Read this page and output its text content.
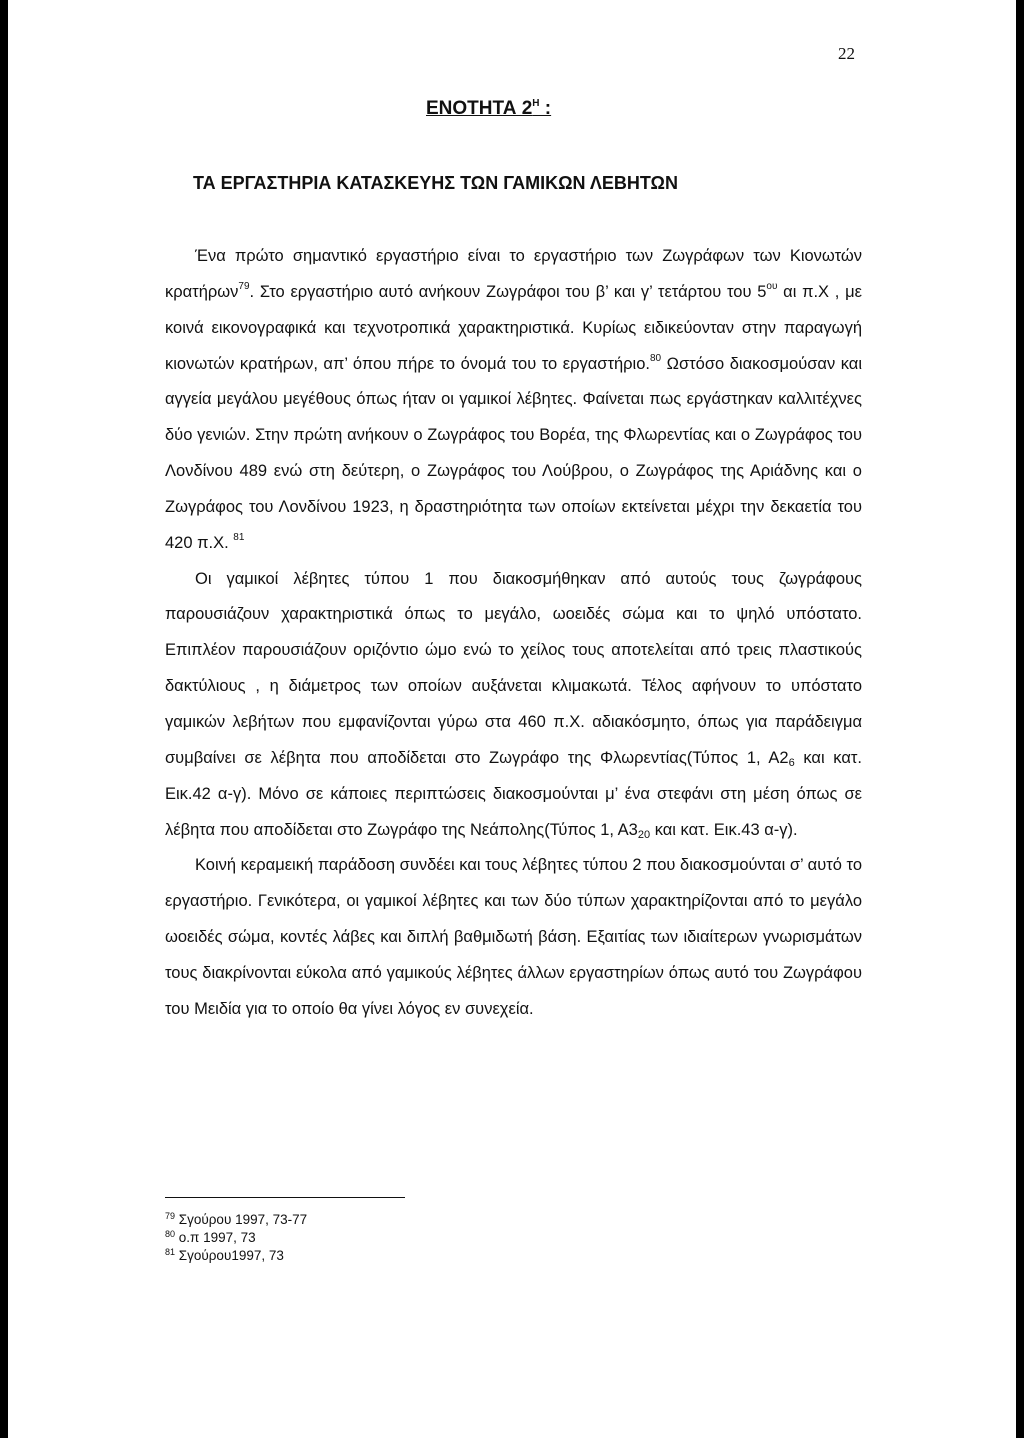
22
ΕΝΟΤΗΤΑ $2^H$ :
ΤΑ ΕΡΓΑΣΤΗΡΙΑ ΚΑΤΑΣΚΕΥΗΣ ΤΩΝ ΓΑΜΙΚΩΝ ΛΕΒΗΤΩΝ

Ένα πρώτο σημαντικό εργαστήριο είναι το εργαστήριο των Ζωγράφων των Κιονωτών κρατήρων$^{79}$. Στο εργαστήριο αυτό ανήκουν Ζωγράφοι του β’ και γ’ τετάρτου του $5^{o\upsilon}$ αι π.Χ , με κοινά εικονογραφικά και τεχνοτροπικά χαρακτηριστικά. Κυρίως ειδικεύονταν στην παραγωγή κιονωτών κρατήρων, απ’ όπου πήρε το όνομά του το εργαστήριο.$^{80}$ Ωστόσο διακοσμούσαν και αγγεία μεγάλου μεγέθους όπως ήταν οι γαμικοί λέβητες. Φαίνεται πως εργάστηκαν καλλιτέχνες δύο γενιών. Στην πρώτη ανήκουν ο Ζωγράφος του Βορέα, της Φλωρεντίας και ο Ζωγράφος του Λονδίνου 489 ενώ στη δεύτερη, ο Ζωγράφος του Λούβρου, ο Ζωγράφος της Αριάδνης και ο Ζωγράφος του Λονδίνου 1923, η δραστηριότητα των οποίων εκτείνεται μέχρι την δεκαετία του 420 π.Χ. $^{81}$

Οι γαμικοί λέβητες τύπου 1 που διακοσμήθηκαν από αυτούς τους ζωγράφους παρουσιάζουν χαρακτηριστικά όπως το μεγάλο, ωοειδές σώμα και το ψηλό υπόστατο. Επιπλέον παρουσιάζουν οριζόντιο ώμο ενώ το χείλος τους αποτελείται από τρεις πλαστικούς δακτύλιους , η διάμετρος των οποίων αυξάνεται κλιμακωτά. Τέλος αφήνουν το υπόστατο γαμικών λεβήτων που εμφανίζονται γύρω στα 460 π.Χ. αδιακόσμητο, όπως για παράδειγμα συμβαίνει σε λέβητα που αποδίδεται στο Ζωγράφο της Φλωρεντίας(Τύπος 1, $A2_6$ και κατ. Εικ.42 α-γ). Μόνο σε κάποιες περιπτώσεις διακοσμούνται μ’ ένα στεφάνι στη μέση όπως σε λέβητα που αποδίδεται στο Ζωγράφο της Νεάπολης(Τύπος 1, $A3_{20}$ και κατ. Εικ.43 α-γ).

Κοινή κεραμεική παράδοση συνδέει και τους λέβητες τύπου 2 που διακοσμούνται σ’ αυτό το εργαστήριο. Γενικότερα, οι γαμικοί λέβητες και των δύο τύπων χαρακτηρίζονται από το μεγάλο ωοειδές σώμα, κοντές λάβες και διπλή βαθμιδωτή βάση. Εξαιτίας των ιδιαίτερων γνωρισμάτων τους διακρίνονται εύκολα από γαμικούς λέβητες άλλων εργαστηρίων όπως αυτό του Ζωγράφου του Μειδία για το οποίο θα γίνει λόγος εν συνεχεία.

$^{79}$ Σγούρου 1997, 73-77
$^{80}$ ο.π 1997, 73
$^{81}$ Σγούρου1997, 73
